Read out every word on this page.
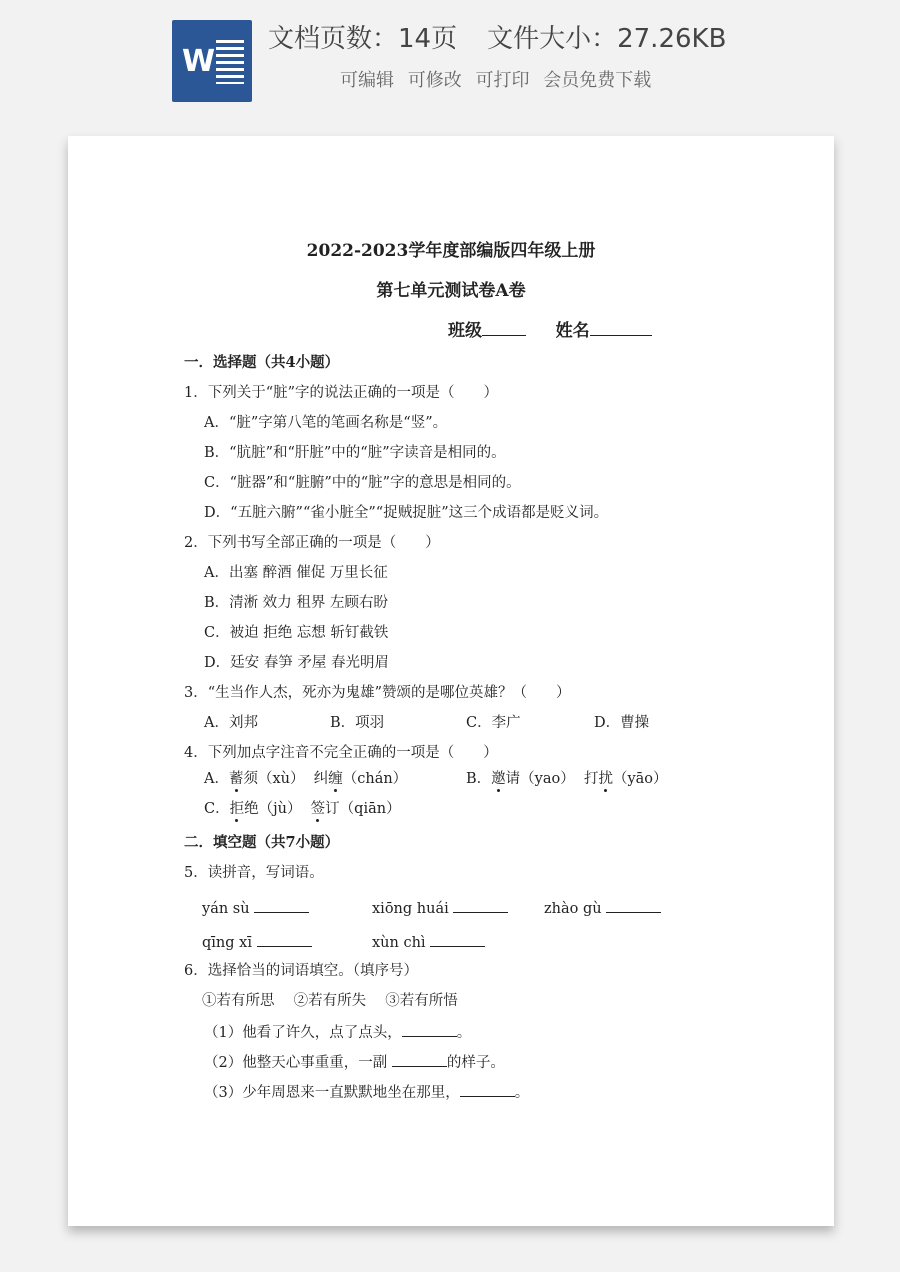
W
文档页数：14页 文件大小：27.26KB
可编辑 可修改 可打印 会员免费下载
2022-2023学年度部编版四年级上册
第七单元测试卷A卷
班级	姓名
一．选择题（共4小题）
1．下列关于“脏”字的说法正确的一项是（　　）
A．“脏”字第八笔的笔画名称是“竖”。
B．“肮脏”和“肝脏”中的“脏”字读音是相同的。
C．“脏器”和“脏腑”中的“脏”字的意思是相同的。
D．“五脏六腑”“雀小脏全”“捉贼捉脏”这三个成语都是贬义词。
2．下列书写全部正确的一项是（　　）
A．出塞 醉酒 催促 万里长征
B．清淅 效力 租界 左顾右盼
C．被迫 拒绝 忘想 斩钉截铁
D．廷安 春笋 矛屋 春光明眉
3．“生当作人杰，死亦为鬼雄”赞颂的是哪位英雄？（　　）
A．刘邦	B．项羽	C．李广	D．曹操
4．下列加点字注音不完全正确的一项是（　　）
A．蓄须（xù） 纠缠（chán）	B．邀请（yao） 打扰（yāo）
C．拒绝（jù） 签订（qiān）
二．填空题（共7小题）
5．读拼音，写词语。
yán sù	xiōng huái	zhào gù
qīng xī	xùn chì
6．选择恰当的词语填空。（填序号）
①若有所思　 ②若有所失　 ③若有所悟
（1）他看了许久，点了点头，	。
（2）他整天心事重重，一副	的样子。
（3）少年周恩来一直默默地坐在那里，	。
